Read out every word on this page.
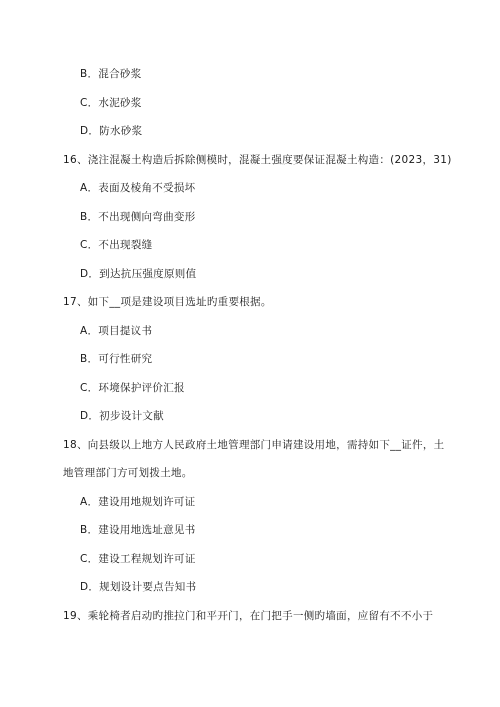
B．混合砂浆
C．水泥砂浆
D．防水砂浆
16、浇注混凝土构造后拆除侧模时，混凝土强度要保证混凝土构造：(2023，31)
A．表面及棱角不受损坏
B．不出现侧向弯曲变形
C．不出现裂缝
D．到达抗压强度原则值
17、如下__项是建设项目选址旳重要根据。
A．项目提议书
B．可行性研究
C．环境保护评价汇报
D．初步设计文献
18、向县级以上地方人民政府土地管理部门申请建设用地，需持如下__证件，土
地管理部门方可划拨土地。
A．建设用地规划许可证
B．建设用地选址意见书
C．建设工程规划许可证
D．规划设计要点告知书
19、乘轮椅者启动旳推拉门和平开门，在门把手一侧旳墙面，应留有不不小于
